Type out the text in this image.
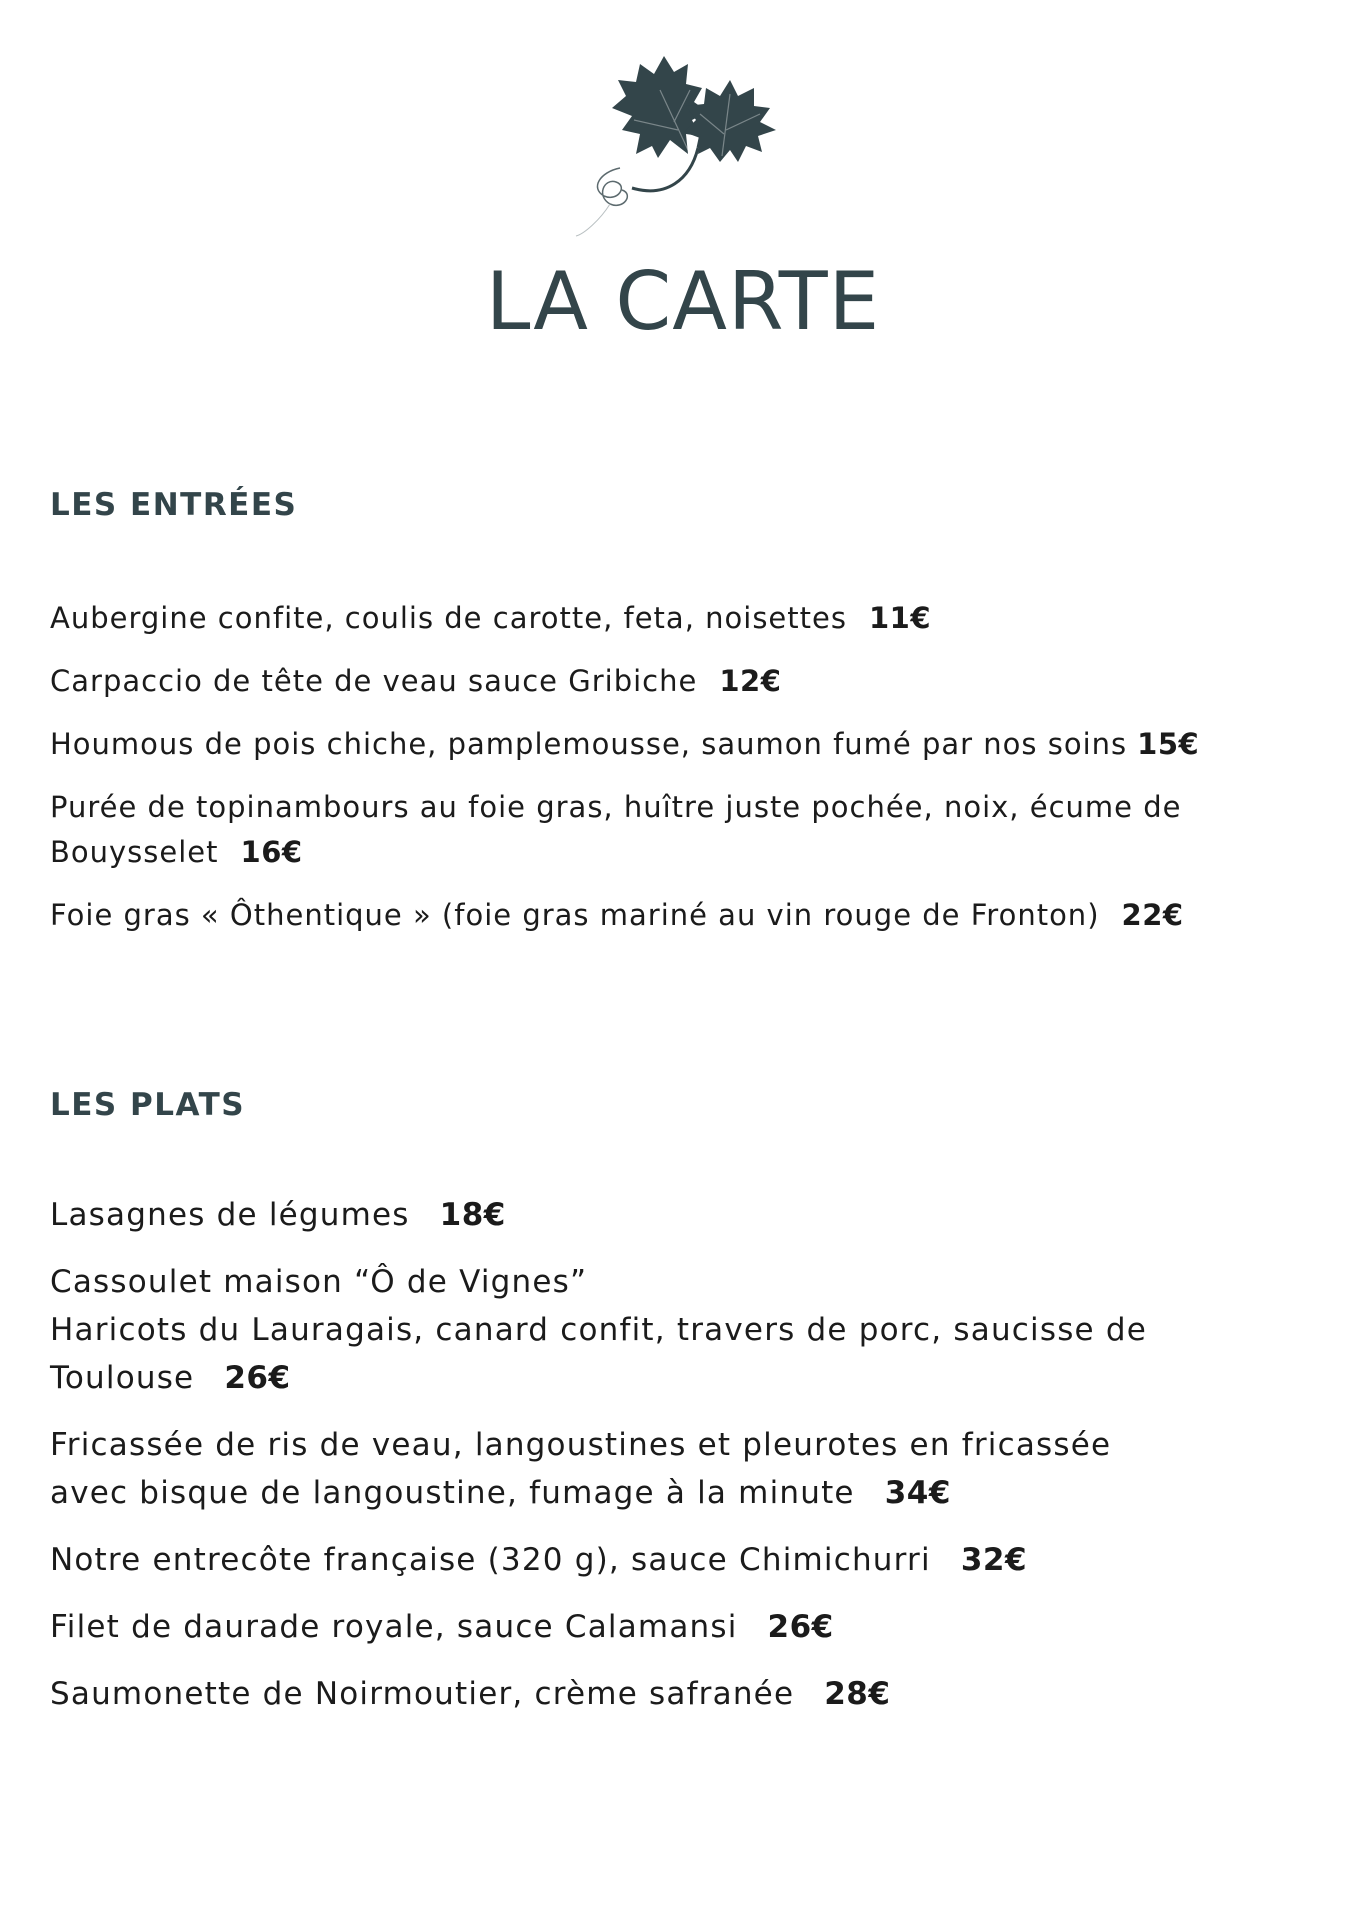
LA CARTE
LES ENTRÉES
Aubergine confite, coulis de carotte, feta, noisettes 11€
Carpaccio de tête de veau sauce Gribiche 12€
Houmous de pois chiche, pamplemousse, saumon fumé par nos soins 15€
Purée de topinambours au foie gras, huître juste pochée, noix, écume de
Bouysselet 16€
Foie gras « Ôthentique » (foie gras mariné au vin rouge de Fronton) 22€
LES PLATS
Lasagnes de légumes 18€
Cassoulet maison “Ô de Vignes”
Haricots du Lauragais, canard confit, travers de porc, saucisse de
Toulouse 26€
Fricassée de ris de veau, langoustines et pleurotes en fricassée
avec bisque de langoustine, fumage à la minute 34€
Notre entrecôte française (320 g), sauce Chimichurri 32€
Filet de daurade royale, sauce Calamansi 26€
Saumonette de Noirmoutier, crème safranée 28€
